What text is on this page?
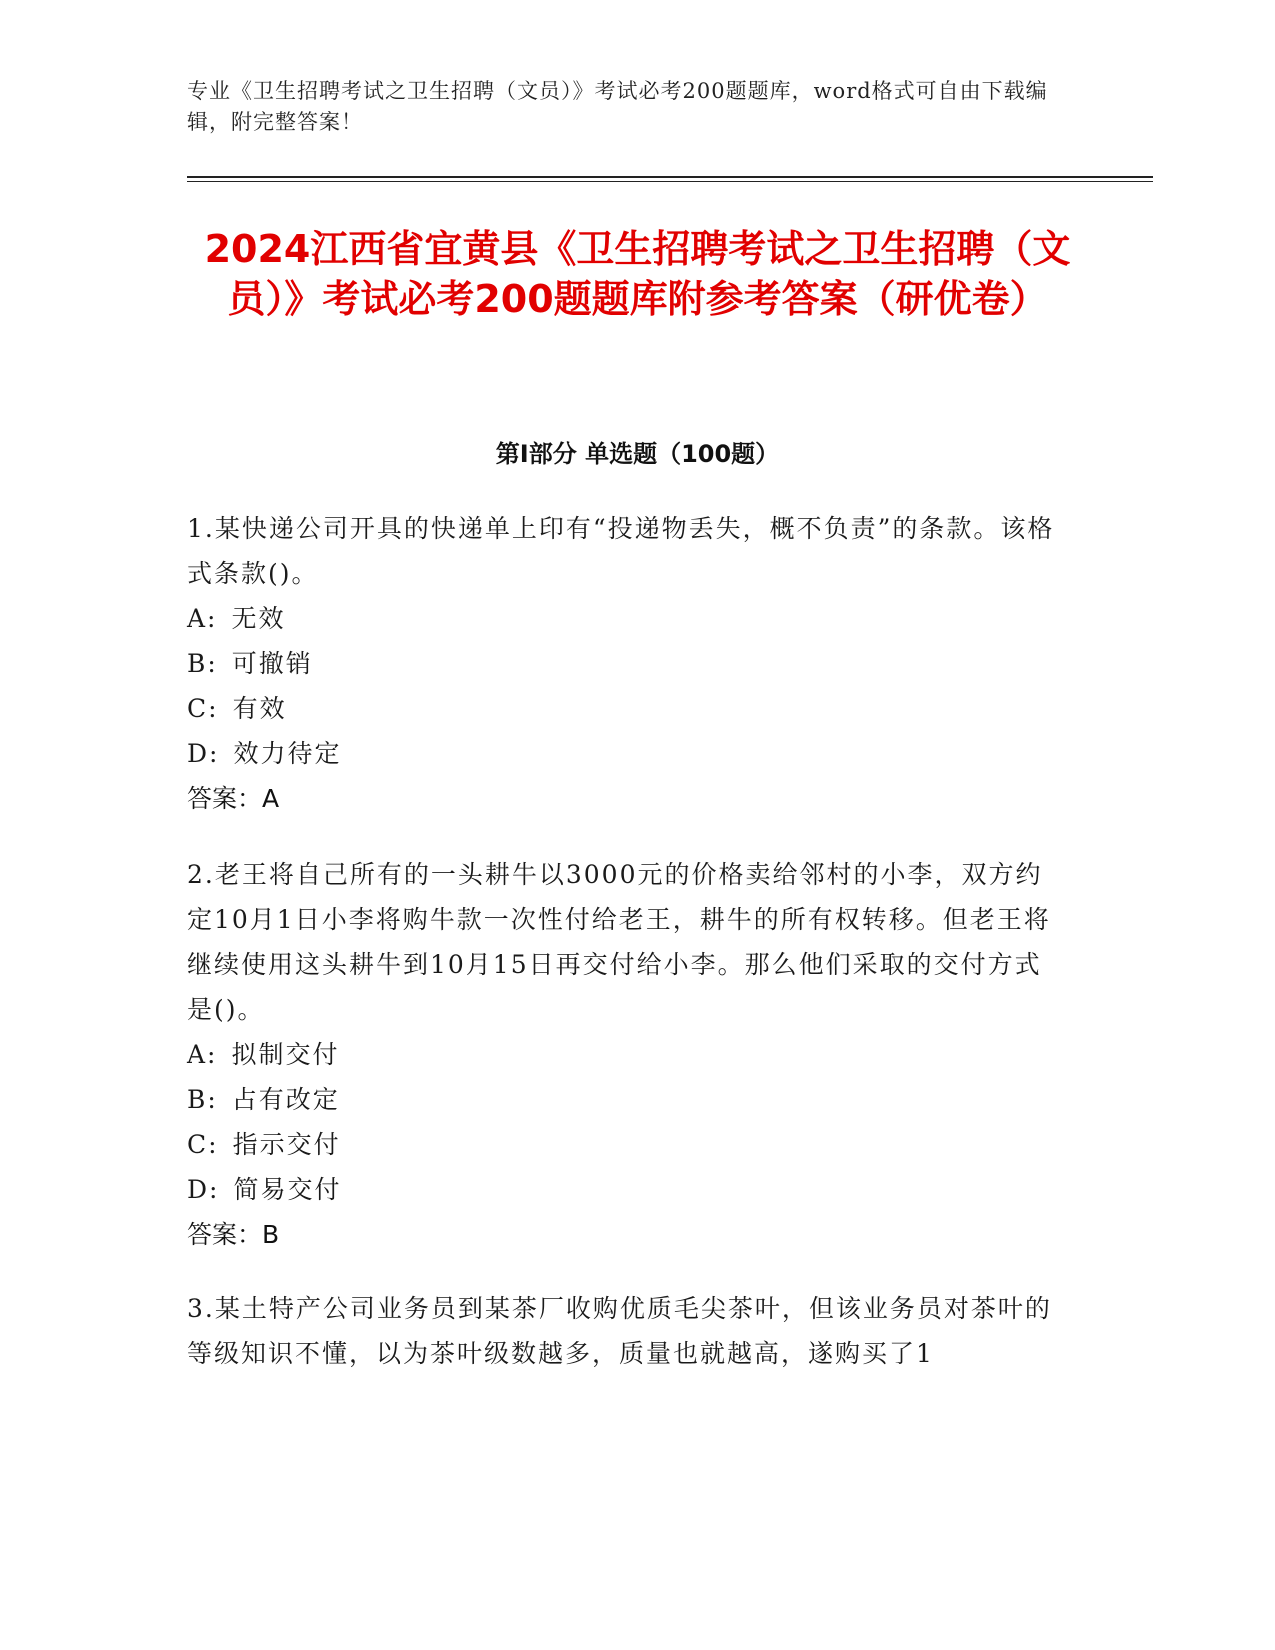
专业《卫生招聘考试之卫生招聘（文员）》考试必考200题题库，word格式可自由下载编辑，附完整答案！
2024江西省宜黄县《卫生招聘考试之卫生招聘（文员）》考试必考200题题库附参考答案（研优卷）
第I部分 单选题（100题）
1.某快递公司开具的快递单上印有“投递物丢失，概不负责”的条款。该格式条款()。
A: 无效
B: 可撤销
C: 有效
D: 效力待定
答案：A
2.老王将自己所有的一头耕牛以3000元的价格卖给邻村的小李，双方约定10月1日小李将购牛款一次性付给老王，耕牛的所有权转移。但老王将继续使用这头耕牛到10月15日再交付给小李。那么他们采取的交付方式是()。
A: 拟制交付
B: 占有改定
C: 指示交付
D: 简易交付
答案：B
3.某土特产公司业务员到某茶厂收购优质毛尖茶叶，但该业务员对茶叶的等级知识不懂，以为茶叶级数越多，质量也就越高，遂购买了1
